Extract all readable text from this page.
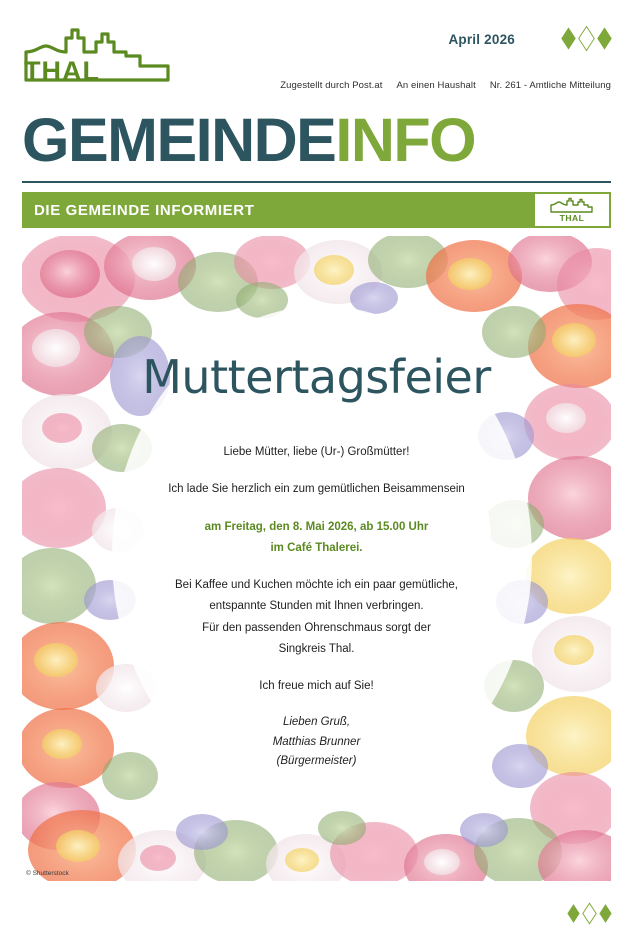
THAL
April 2026
Zugestellt durch Post.at An einen Haushalt Nr. 261 - Amtliche Mitteilung
GEMEINDE INFO
DIE GEMEINDE INFORMIERT	THAL
Muttertagsfeier

Liebe Mütter, liebe (Ur-) Großmütter!

Ich lade Sie herzlich ein zum gemütlichen Beisammensein

am Freitag, den 8. Mai 2026, ab 15.00 Uhr

im Café Thalerei.

Bei Kaffee und Kuchen möchte ich ein paar gemütliche,

entspannte Stunden mit Ihnen verbringen.

Für den passenden Ohrenschmaus sorgt der

Singkreis Thal.

Ich freue mich auf Sie!

Lieben Gruß,

Matthias Brunner

(Bürgermeister)

© Shutterstock
